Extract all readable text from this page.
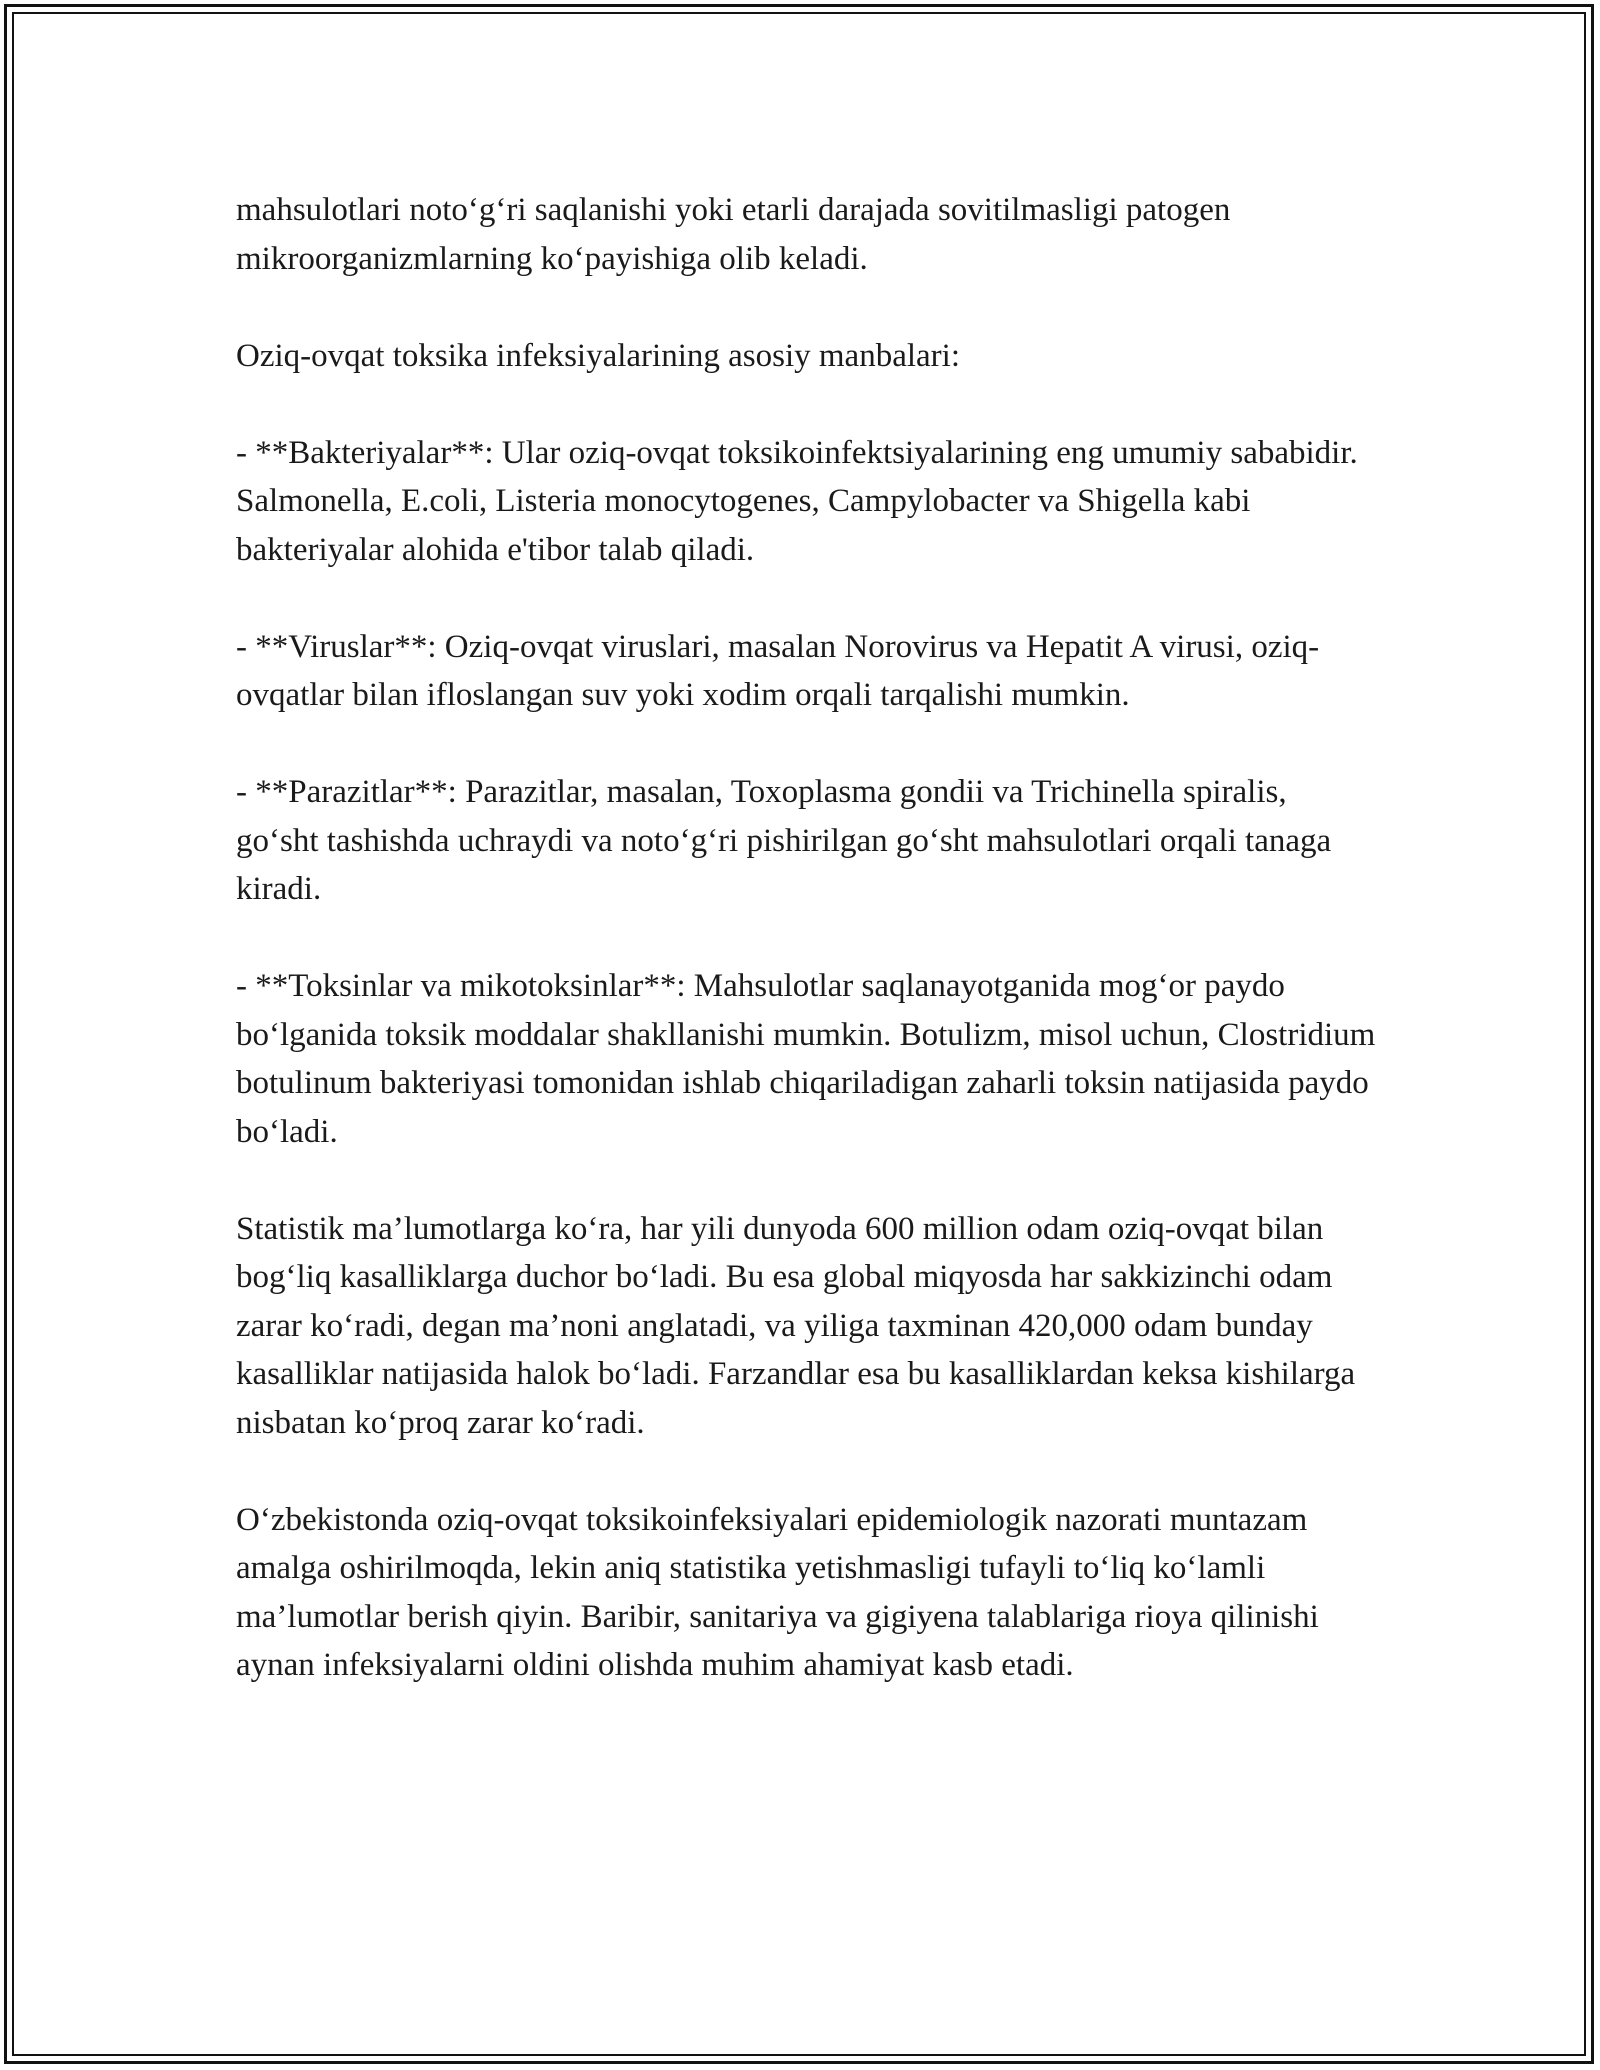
mahsulotlari noto‘g‘ri saqlanishi yoki etarli darajada sovitilmasligi patogen mikroorganizmlarning ko‘payishiga olib keladi.

Oziq-ovqat toksika infeksiyalarining asosiy manbalari:

- **Bakteriyalar**: Ular oziq-ovqat toksikoinfektsiyalarining eng umumiy sababidir. Salmonella, E.coli, Listeria monocytogenes, Campylobacter va Shigella kabi bakteriyalar alohida e'tibor talab qiladi.

- **Viruslar**: Oziq-ovqat viruslari, masalan Norovirus va Hepatit A virusi, oziq-ovqatlar bilan ifloslangan suv yoki xodim orqali tarqalishi mumkin.

- **Parazitlar**: Parazitlar, masalan, Toxoplasma gondii va Trichinella spiralis, go‘sht tashishda uchraydi va noto‘g‘ri pishirilgan go‘sht mahsulotlari orqali tanaga kiradi.

- **Toksinlar va mikotoksinlar**: Mahsulotlar saqlanayotganida mog‘or paydo bo‘lganida toksik moddalar shakllanishi mumkin. Botulizm, misol uchun, Clostridium botulinum bakteriyasi tomonidan ishlab chiqariladigan zaharli toksin natijasida paydo bo‘ladi.

Statistik ma’lumotlarga ko‘ra, har yili dunyoda 600 million odam oziq-ovqat bilan bog‘liq kasalliklarga duchor bo‘ladi. Bu esa global miqyosda har sakkizinchi odam zarar ko‘radi, degan ma’noni anglatadi, va yiliga taxminan 420,000 odam bunday kasalliklar natijasida halok bo‘ladi. Farzandlar esa bu kasalliklardan keksa kishilarga nisbatan ko‘proq zarar ko‘radi.

O‘zbekistonda oziq-ovqat toksikoinfeksiyalari epidemiologik nazorati muntazam amalga oshirilmoqda, lekin aniq statistika yetishmasligi tufayli to‘liq ko‘lamli ma’lumotlar berish qiyin. Baribir, sanitariya va gigiyena talablariga rioya qilinishi aynan infeksiyalarni oldini olishda muhim ahamiyat kasb etadi.
